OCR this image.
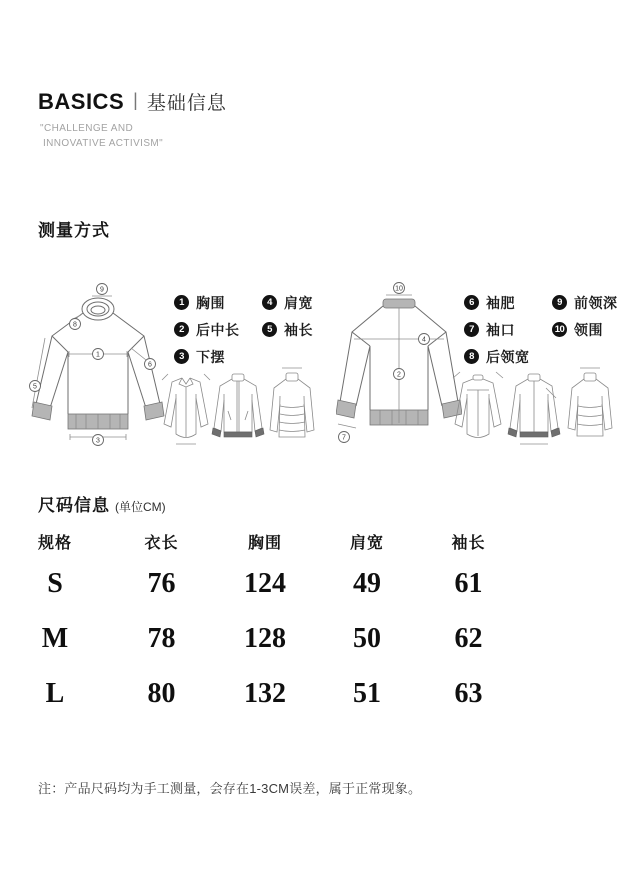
BASICS | 基础信息
"CHALLENGE AND
INNOVATIVE ACTIVISM"
测量方式
9
8
1
6
5
3
1 胸围
2 后中长
3 下摆
4 肩宽
5 袖长
10
4
2
7
6 袖肥
7 袖口
8 后领宽
9 前领深
10 领围
尺码信息 (单位CM)
规格	衣长	胸围	肩宽	袖长
S	76	124	49	61
M	78	128	50	62
L	80	132	51	63
注：产品尺码均为手工测量，会存在1-3CM误差，属于正常现象。
